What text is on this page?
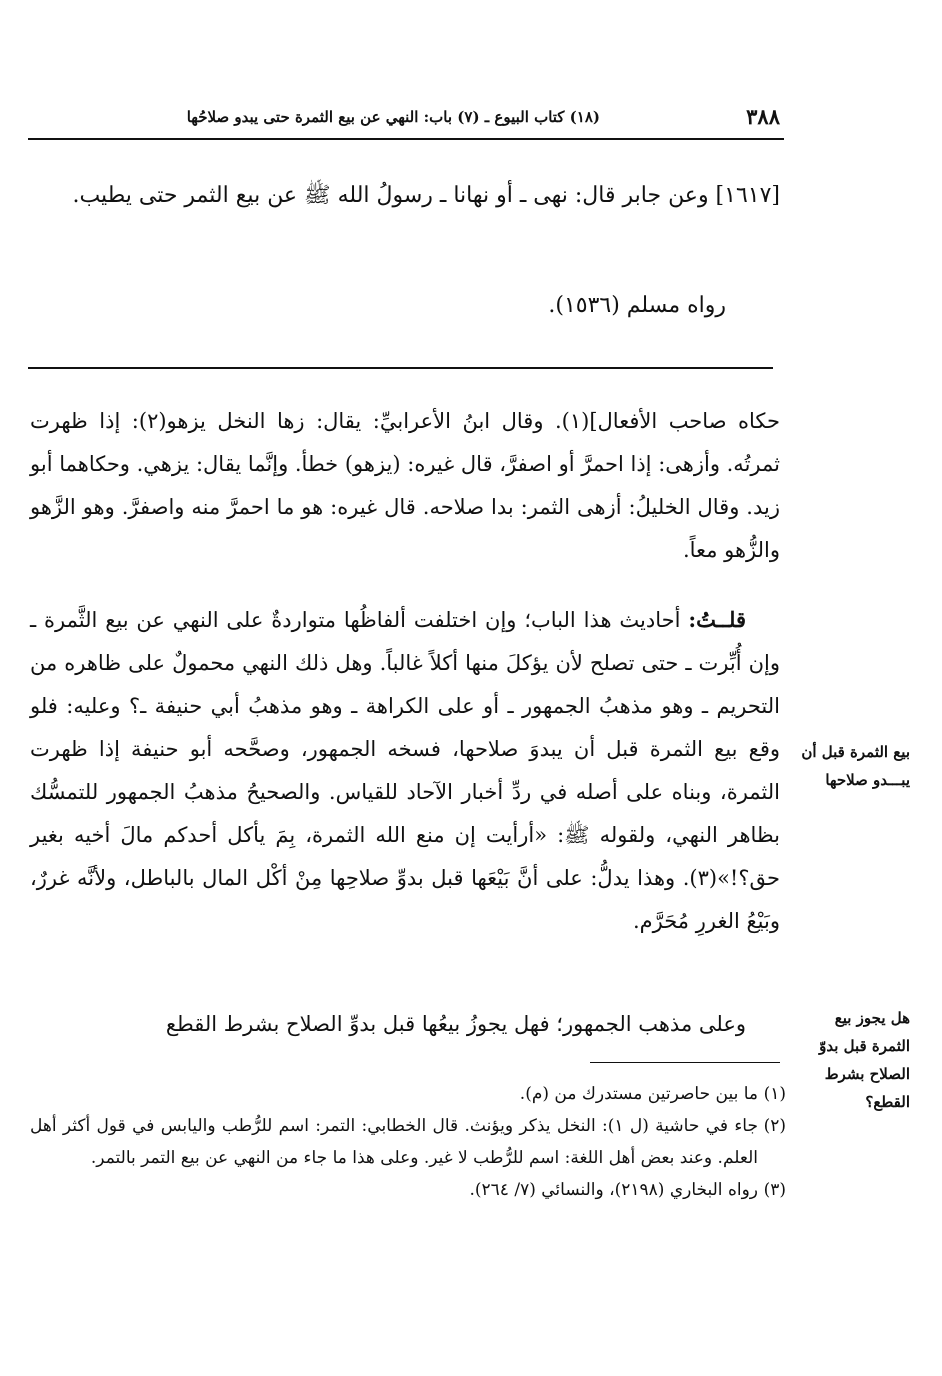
٣٨٨
(١٨) كتاب البيوع ـ (٧) باب: النهي عن بيع الثمرة حتى يبدو صلاحُها
[١٦١٧] وعن جابر قال: نهى ـ أو نهانا ـ رسولُ الله ﷺ عن بيع الثمر حتى يطيب.
رواه مسلم (١٥٣٦).
حكاه صاحب الأفعال](١). وقال ابنُ الأعرابيِّ: يقال: زها النخل يزهو(٢): إذا ظهرت ثمرتُه. وأزهى: إذا احمرَّ أو اصفرَّ، قال غيره: (يزهو) خطأ. وإنَّما يقال: يزهي. وحكاهما أبو زيد. وقال الخليلُ: أزهى الثمر: بدا صلاحه. قال غيره: هو ما احمرَّ منه واصفرَّ. وهو الزَّهو والزُّهو معاً.
قلــتُ: أحاديث هذا الباب؛ وإن اختلفت ألفاظُها متواردةٌ على النهي عن بيع الثَّمرة ـ وإن أُبِّرت ـ حتى تصلح لأن يؤكلَ منها أكلاً غالباً. وهل ذلك النهي محمولٌ على ظاهره من التحريم ـ وهو مذهبُ الجمهور ـ أو على الكراهة ـ وهو مذهبُ أبي حنيفة ـ؟ وعليه: فلو وقع بيع الثمرة قبل أن يبدوَ صلاحها، فسخه الجمهور، وصحَّحه أبو حنيفة إذا ظهرت الثمرة، وبناه على أصله في ردِّ أخبار الآحاد للقياس. والصحيحُ مذهبُ الجمهور للتمسُّك بظاهر النهي، ولقوله ﷺ: «أرأيت إن منع الله الثمرة، بِمَ يأكل أحدكم مالَ أخيه بغير حق؟!»(٣). وهذا يدلُّ: على أنَّ بَيْعَها قبل بدوِّ صلاحِها مِنْ أكْل المال بالباطل، ولأنَّه غررٌ، وبَيْعُ الغررِ مُحَرَّم.
وعلى مذهب الجمهور؛ فهل يجوزُ بيعُها قبل بدوِّ الصلاح بشرط القطع
بيع الثمرة قبل أن يبـــدو صلاحها
هل يجوز بيع الثمرة قبل بدوّ الصلاح بشرط القطع؟

(١)
ما بين حاصرتين مستدرك من (م).

(٢)
جاء في حاشية (ل ١): النخل يذكر ويؤنث. قال الخطابي: التمر: اسم للرُّطب واليابس في قول أكثر أهل العلم. وعند بعض أهل اللغة: اسم للرُّطب لا غير. وعلى هذا ما جاء من النهي عن بيع التمر بالتمر.

(٣)
رواه البخاري (٢١٩٨)، والنسائي (٧/ ٢٦٤).
